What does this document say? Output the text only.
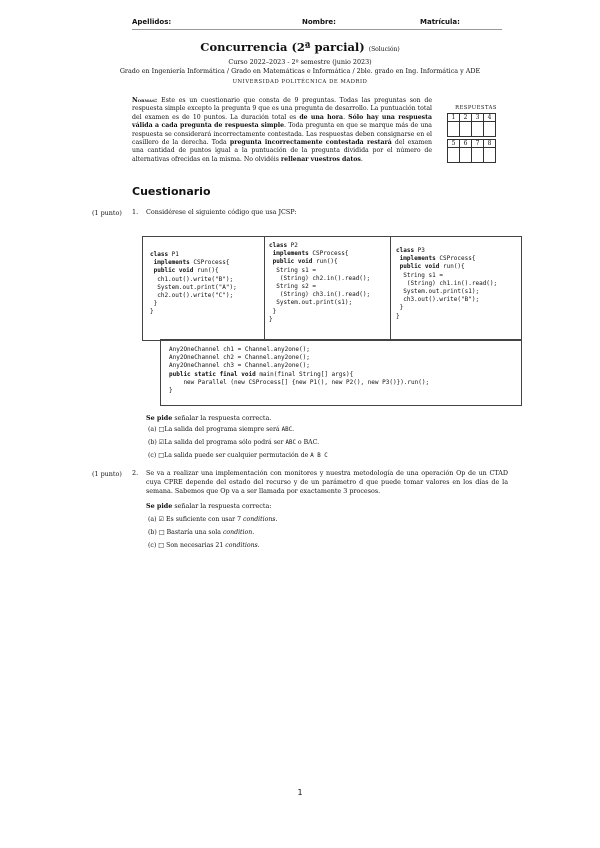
Apellidos:	Nombre:	Matrícula:
Concurrencia (2ª parcial) (Solución)
Curso 2022–2023 - 2º semestre (junio 2023)
Grado en Ingeniería Informática / Grado en Matemáticas e Informática / 2ble. grado en Ing. Informática y ADE
UNIVERSIDAD POLITÉCNICA DE MADRID
Normas: Este es un cuestionario que consta de 9 preguntas. Todas las preguntas son de respuesta simple excepto la pregunta 9 que es una pregunta de desarrollo. La puntuación total del examen es de 10 puntos. La duración total es de una hora. Sólo hay una respuesta válida a cada pregunta de respuesta simple. Toda pregunta en que se marque más de una respuesta se considerará incorrectamente contestada. Las respuestas deben consignarse en el casillero de la derecha. Toda pregunta incorrectamente contestada restará del examen una cantidad de puntos igual a la puntuación de la pregunta dividida por el número de alternativas ofrecidas en la misma. No olvidéis rellenar vuestros datos.
RESPUESTAS
1	2	3	4

5	6	7	8

Cuestionario
(1 punto) 1. Considérese el siguiente código que usa JCSP:
class P1
implements CSProcess{
public void run(){
ch1.out().write("B");
System.out.print("A");
ch2.out().write("C");
}
}
class P2
implements CSProcess{
public void run(){
String s1 =
(String) ch2.in().read();
String s2 =
(String) ch3.in().read();
System.out.print(s1);
}
}
class P3
implements CSProcess{
public void run(){
String s1 =
(String) ch1.in().read();
System.out.print(s1);
ch3.out().write("B");
}
}
Any2OneChannel ch1 = Channel.any2one();
Any2OneChannel ch2 = Channel.any2one();
Any2OneChannel ch3 = Channel.any2one();
public static final void main(final String[] args){
new Parallel (new CSProcess[] {new P1(), new P2(), new P3()}).run();
}
Se pide señalar la respuesta correcta.
(a) □La salida del programa siempre será ABC.
(b) ☑La salida del programa sólo podrá ser ABC o BAC.
(c) □La salida puede ser cualquier permutación de A B C
(1 punto) 2. Se va a realizar una implementación con monitores y nuestra metodología de una operación Op de un CTAD cuya CPRE depende del estado del recurso y de un parámetro d que puede tomar valores en los días de la semana. Sabemos que Op va a ser llamada por exactamente 3 procesos.
Se pide señalar la respuesta correcta:
(a) ☑ Es suficiente con usar 7 conditions.
(b) □ Bastaría una sola condition.
(c) □ Son necesarias 21 conditions.
1
